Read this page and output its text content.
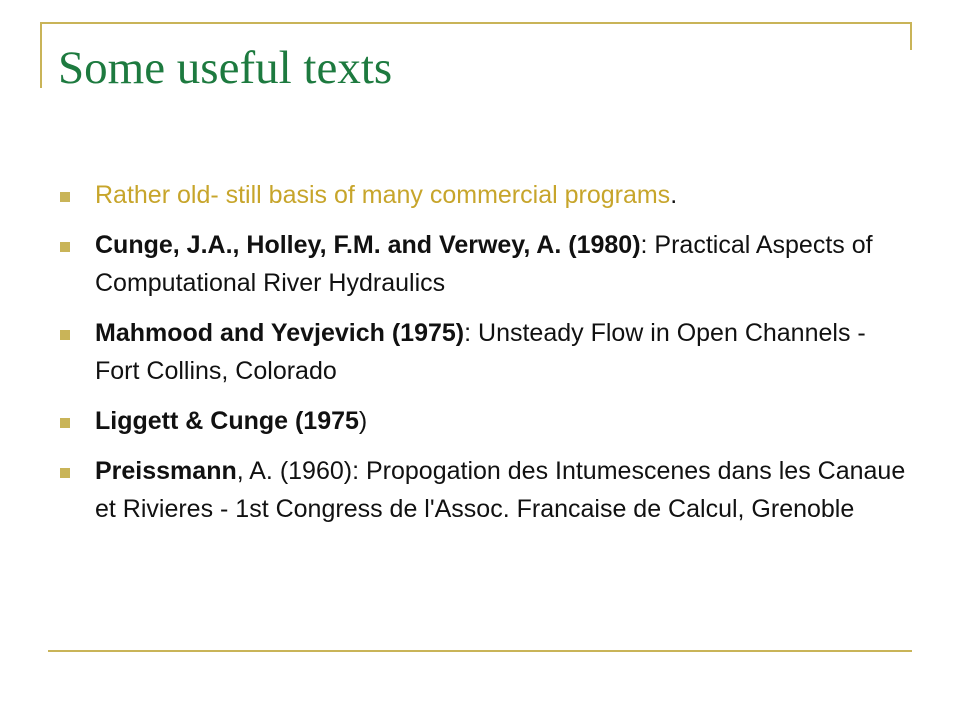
Some useful texts
Rather old- still basis of many commercial programs.
Cunge, J.A., Holley, F.M. and Verwey, A. (1980): Practical Aspects of Computational River Hydraulics
Mahmood and Yevjevich (1975): Unsteady Flow in Open Channels - Fort Collins, Colorado
Liggett & Cunge (1975)
Preissmann, A. (1960): Propogation des Intumescenes dans les Canaue et Rivieres - 1st Congress de l'Assoc. Francaise de Calcul, Grenoble
